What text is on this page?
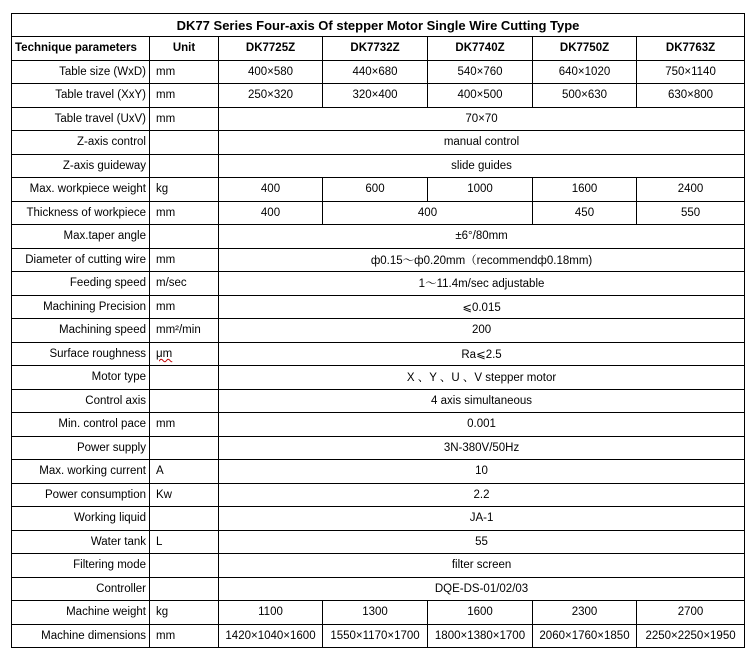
DK77 Series Four-axis Of stepper Motor Single Wire Cutting Type						
Technique parameters	Unit	DK7725Z	DK7732Z	DK7740Z	DK7750Z	DK7763Z
Table size (WxD)	mm	400×580	440×680	540×760	640×1020	750×1140
Table travel (XxY)	mm	250×320	320×400	400×500	500×630	630×800
Table travel (UxV)	mm	70×70				
Z-axis control		manual control				
Z-axis guideway		slide guides				
Max. workpiece weight	kg	400	600	1000	1600	2400
Thickness of workpiece	mm	400	400		450	550
Max.taper angle		±6°/80mm				
Diameter of cutting wire	mm	ф0.15～ф0.20mm（recommendф0.18mm)				
Feeding speed	m/sec	1～11.4m/sec adjustable				
Machining Precision	mm	⩽0.015				
Machining speed	mm²/min	200				
Surface roughness	μm	Ra⩽2.5				
Motor type		X 、Y 、U 、V stepper motor				
Control axis		4 axis simultaneous				
Min. control pace	mm	0.001				
Power supply		3N-380V/50Hz				
Max. working current	A	10				
Power consumption	Kw	2.2				
Working liquid		JA-1				
Water tank	L	55				
Filtering mode		filter screen				
Controller		DQE-DS-01/02/03				
Machine weight	kg	1100	1300	1600	2300	2700
Machine dimensions	mm	1420×1040×1600	1550×1170×1700	1800×1380×1700	2060×1760×1850	2250×2250×1950
